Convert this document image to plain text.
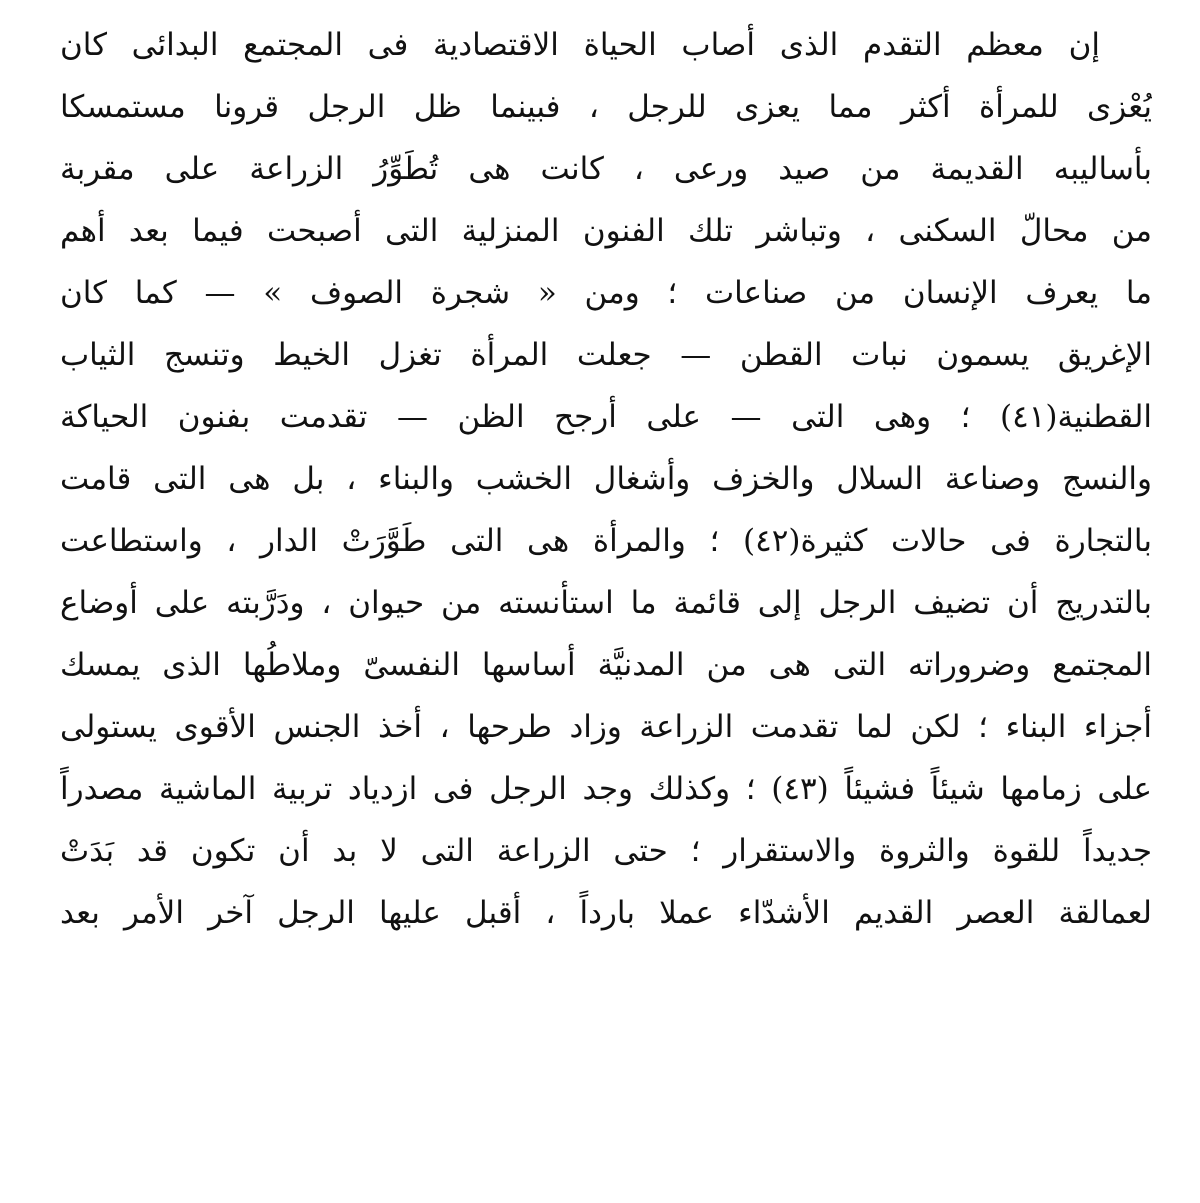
إن معظم التقدم الذى أصاب الحياة الاقتصادية فى المجتمع البدائى كان
يُعْزى للمرأة أكثر مما يعزى للرجل ، فبينما ظل الرجل قرونا مستمسكا
بأساليبه القديمة من صيد ورعى ، كانت هى تُطَوِّرُ الزراعة على مقربة
من محالّ السكنى ، وتباشر تلك الفنون المنزلية التى أصبحت فيما بعد أهم
ما يعرف الإنسان من صناعات ؛ ومن « شجرة الصوف » — كما كان
الإغريق يسمون نبات القطن — جعلت المرأة تغزل الخيط وتنسج الثياب
القطنية(٤١) ؛ وهى التى — على أرجح الظن — تقدمت بفنون الحياكة
والنسج وصناعة السلال والخزف وأشغال الخشب والبناء ، بل هى التى قامت
بالتجارة فى حالات كثيرة(٤٢) ؛ والمرأة هى التى طَوَّرَتْ الدار ، واستطاعت
بالتدريج أن تضيف الرجل إلى قائمة ما استأنسته من حيوان ، ودَرَّبته على أوضاع
المجتمع وضروراته التى هى من المدنيَّة أساسها النفسىّ وملاطُها الذى يمسك
أجزاء البناء ؛ لكن لما تقدمت الزراعة وزاد طرحها ، أخذ الجنس الأقوى يستولى
على زمامها شيئاً فشيئاً (٤٣) ؛ وكذلك وجد الرجل فى ازدياد تربية الماشية مصدراً
جديداً للقوة والثروة والاستقرار ؛ حتى الزراعة التى لا بد أن تكون قد بَدَتْ
لعمالقة العصر القديم الأشدّاء عملا بارداً ، أقبل عليها الرجل آخر الأمر بعد
